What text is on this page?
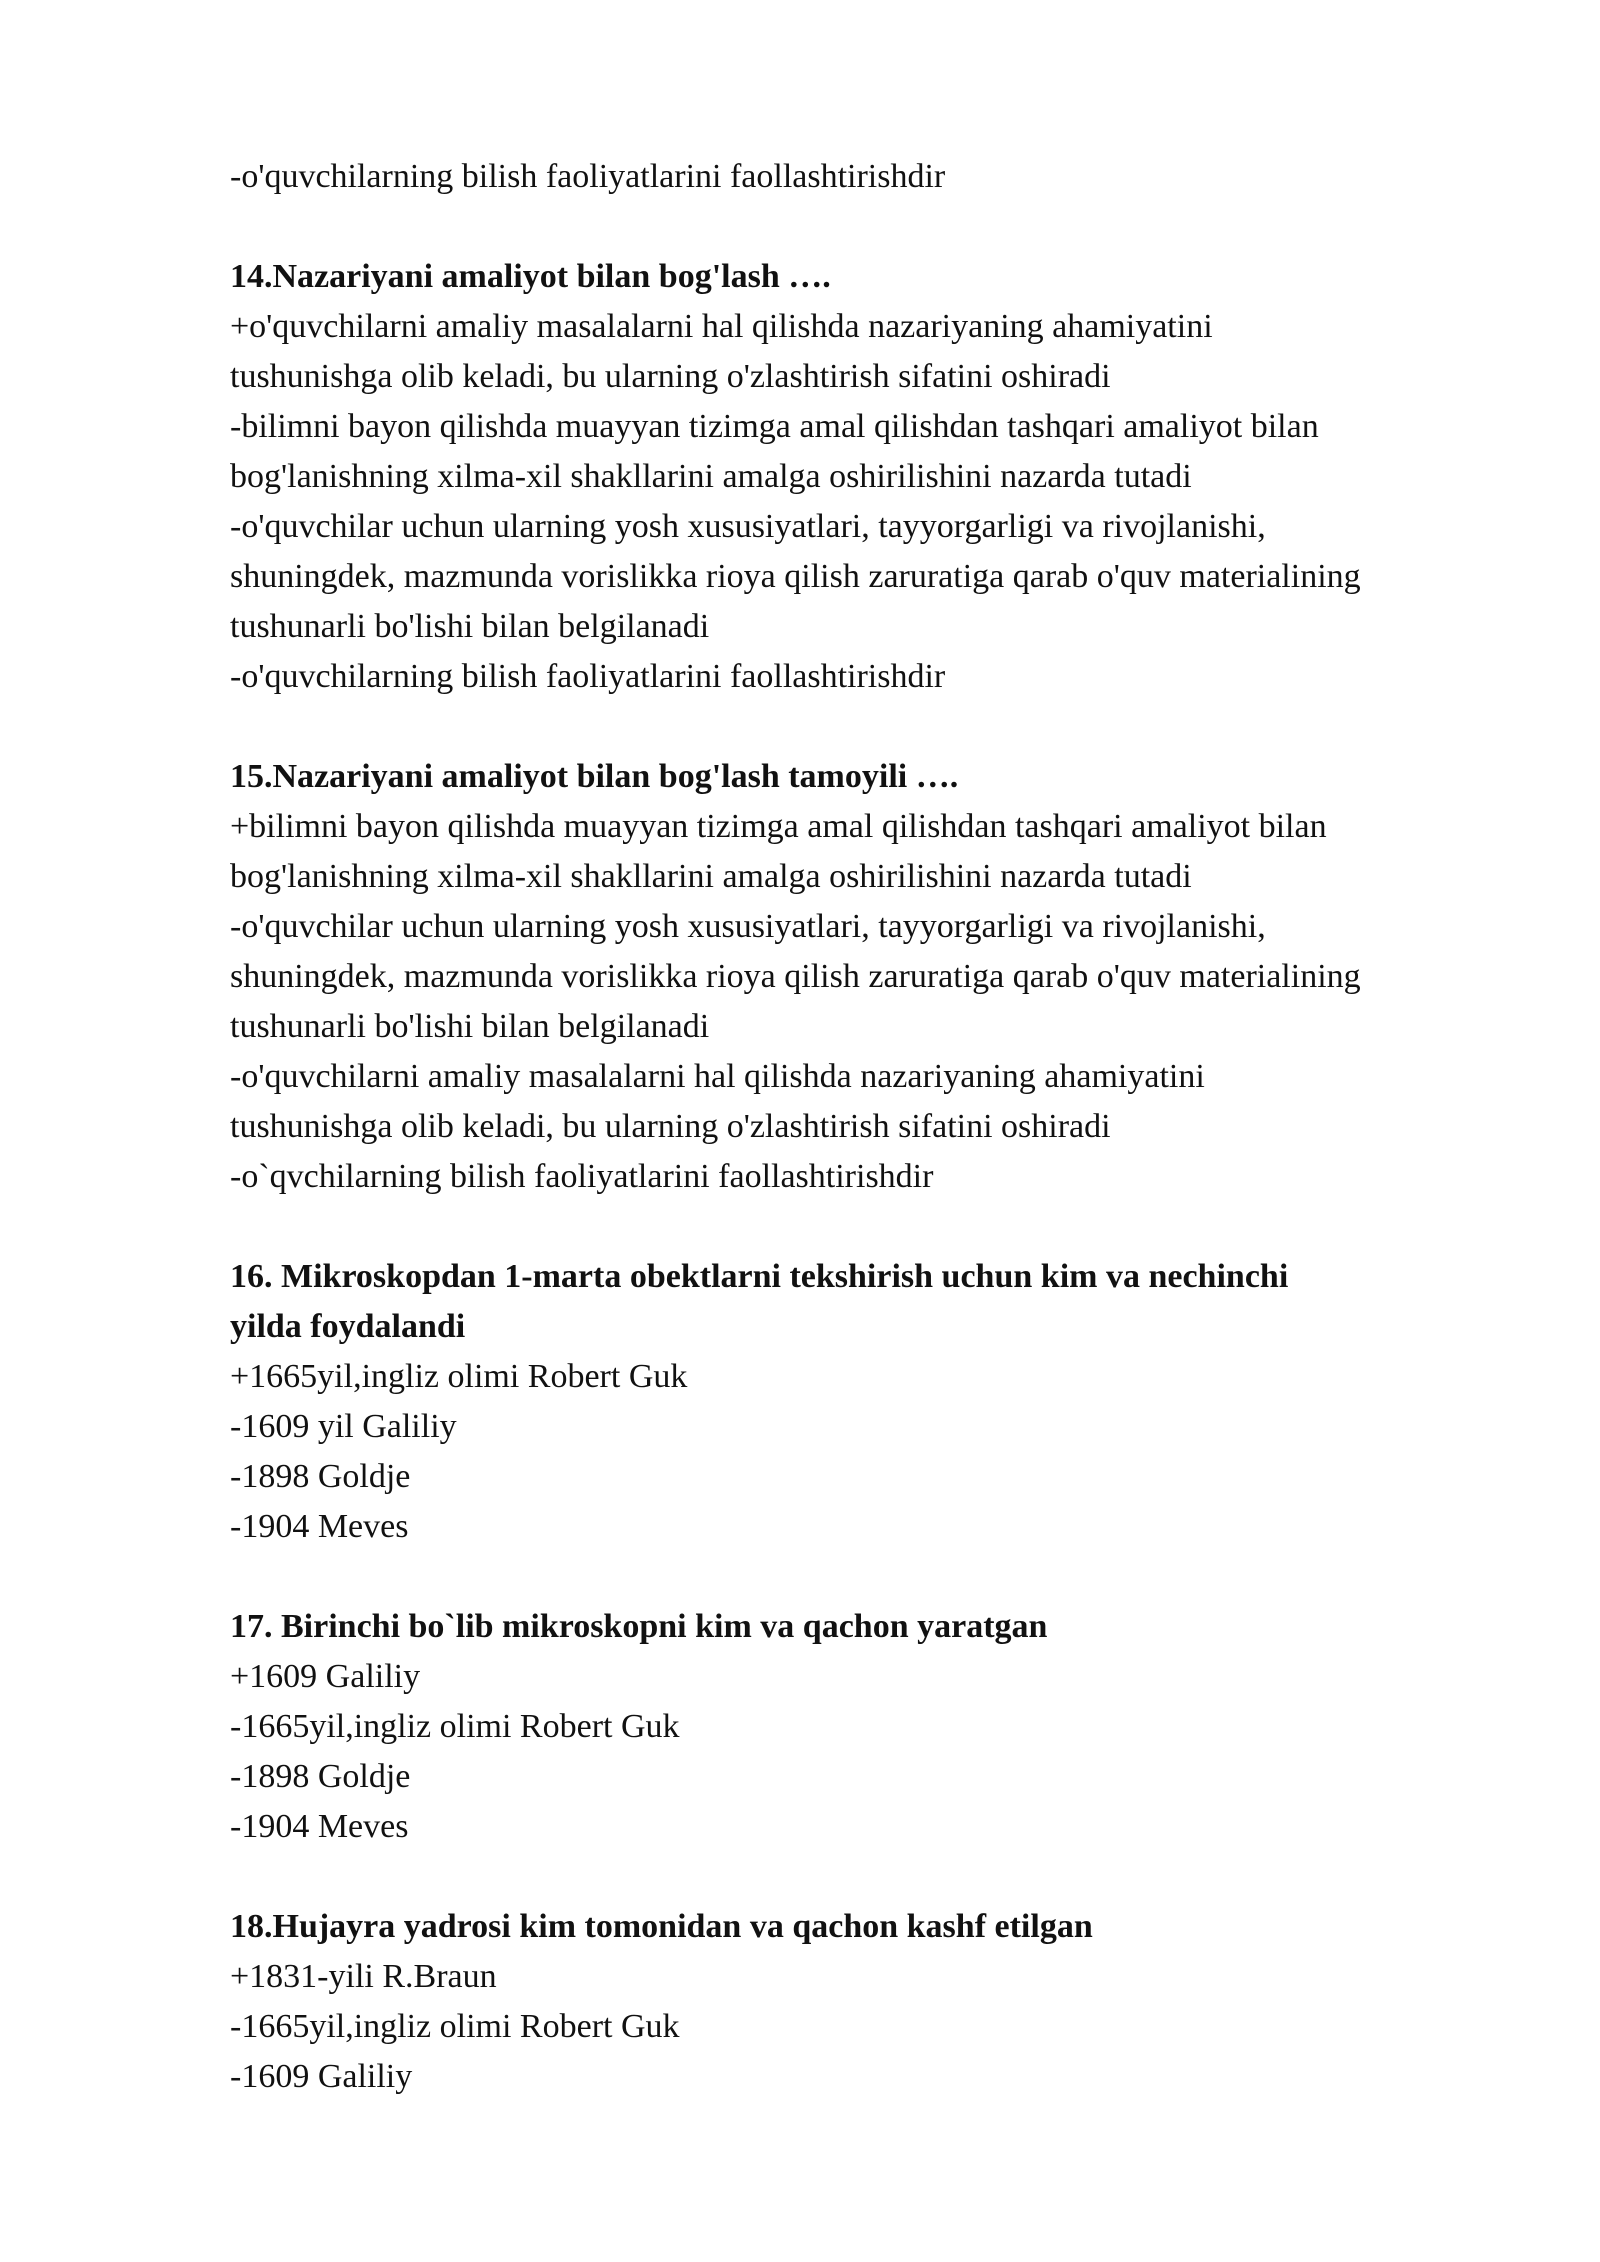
-o'quvchilarning bilish faoliyatlarini faollashtirishdir
14.Nazariyani amaliyot bilan bog'lash ….
+o'quvchilarni amaliy masalalarni hal qilishda nazariyaning ahamiyatini
tushunishga olib keladi, bu ularning o'zlashtirish sifatini oshiradi
-bilimni bayon qilishda muayyan tizimga amal qilishdan tashqari amaliyot bilan
bog'lanishning xilma-xil shakllarini amalga oshirilishini nazarda tutadi
-o'quvchilar uchun ularning yosh xususiyatlari, tayyorgarligi va rivojlanishi,
shuningdek, mazmunda vorislikka rioya qilish zaruratiga qarab o'quv materialining
tushunarli bo'lishi bilan belgilanadi
-o'quvchilarning bilish faoliyatlarini faollashtirishdir
15.Nazariyani amaliyot bilan bog'lash tamoyili ….
+bilimni bayon qilishda muayyan tizimga amal qilishdan tashqari amaliyot bilan
bog'lanishning xilma-xil shakllarini amalga oshirilishini nazarda tutadi
-o'quvchilar uchun ularning yosh xususiyatlari, tayyorgarligi va rivojlanishi,
shuningdek, mazmunda vorislikka rioya qilish zaruratiga qarab o'quv materialining
tushunarli bo'lishi bilan belgilanadi
-o'quvchilarni amaliy masalalarni hal qilishda nazariyaning ahamiyatini
tushunishga olib keladi, bu ularning o'zlashtirish sifatini oshiradi
-o`qvchilarning bilish faoliyatlarini faollashtirishdir
16. Mikroskopdan 1-marta obektlarni tekshirish uchun kim va nechinchi
yilda foydalandi
+1665yil,ingliz olimi Robert Guk
-1609 yil Galiliy
-1898 Goldje
-1904 Meves
17. Birinchi bo`lib mikroskopni kim va qachon yaratgan
+1609 Galiliy
-1665yil,ingliz olimi Robert Guk
-1898 Goldje
-1904 Meves
18.Hujayra yadrosi kim tomonidan va qachon kashf etilgan
+1831-yili R.Braun
-1665yil,ingliz olimi Robert Guk
-1609 Galiliy
